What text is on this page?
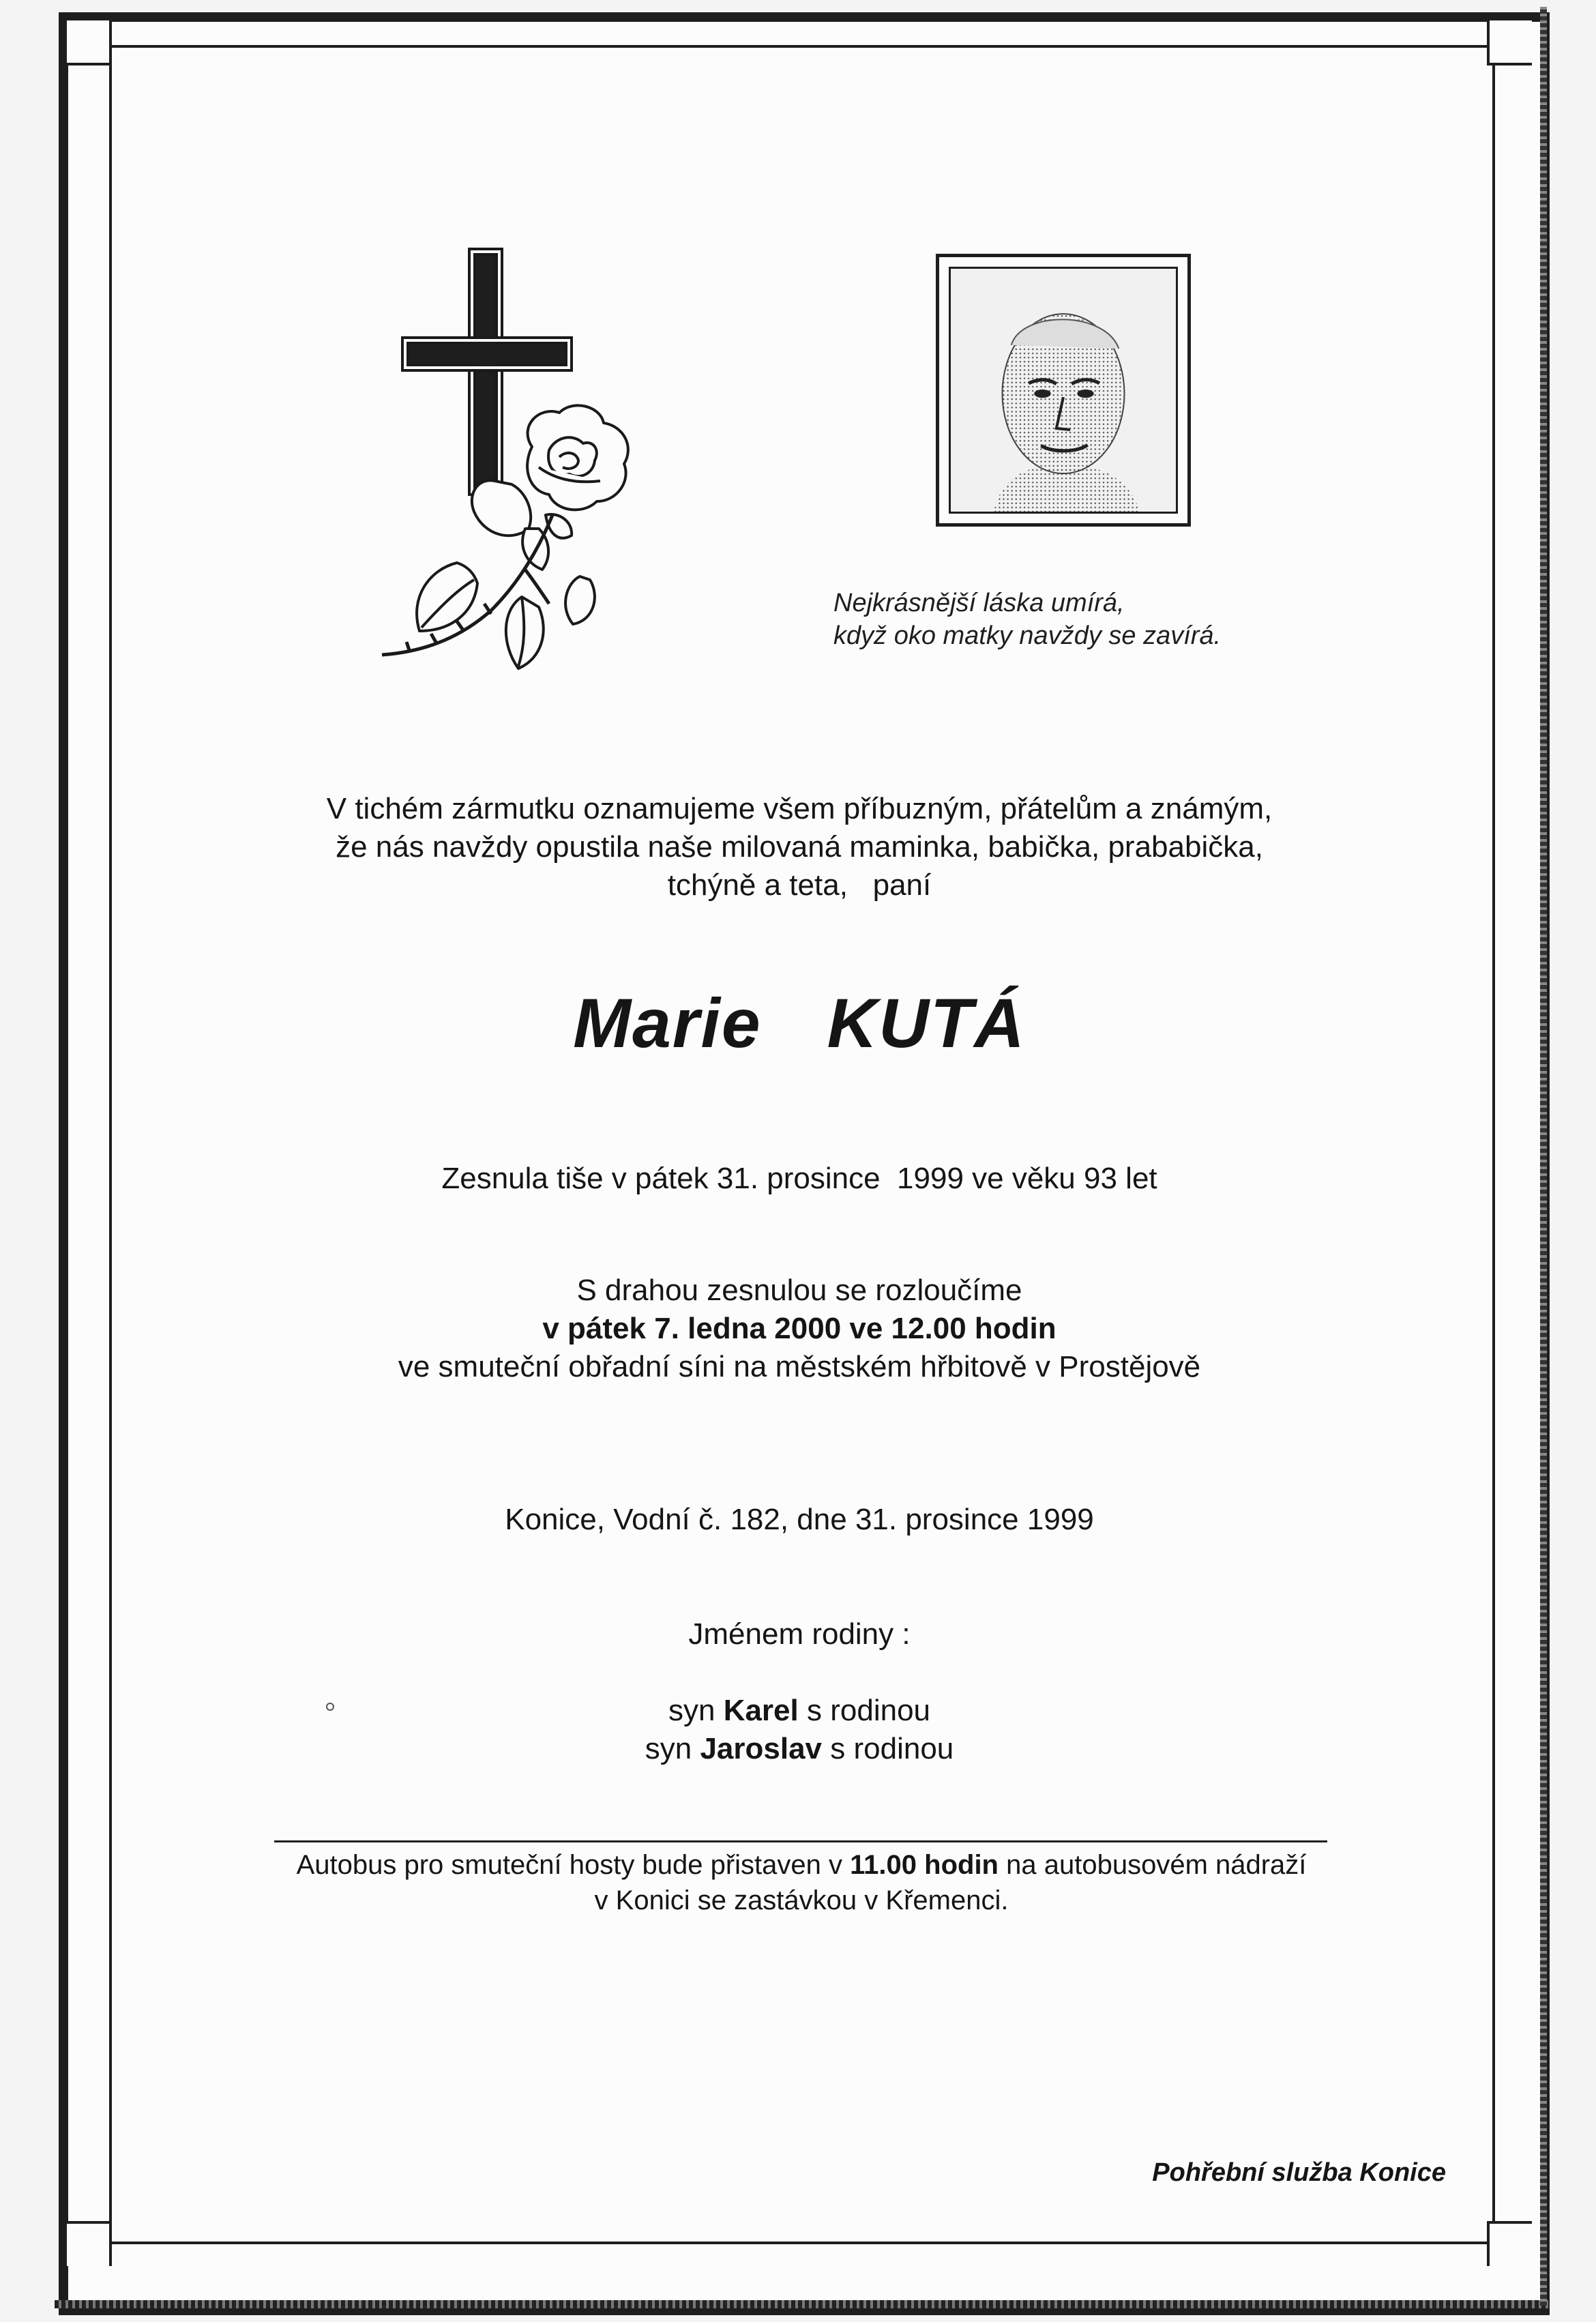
Nejkrásnější láska umírá,
když oko matky navždy se zavírá.
V tichém zármutku oznamujeme všem příbuzným, přátelům a známým,
že nás navždy opustila naše milovaná maminka, babička, prababička,
tchýně a teta,   paní
Marie KUTÁ
Zesnula tiše v pátek 31. prosince  1999 ve věku 93 let
S drahou zesnulou se rozloučíme
v pátek 7. ledna 2000 ve 12.00 hodin
ve smuteční obřadní síni na městském hřbitově v Prostějově
Konice, Vodní č. 182, dne 31. prosince 1999
Jménem rodiny :
syn Karel s rodinou
syn Jaroslav s rodinou
Autobus pro smuteční hosty bude přistaven v 11.00 hodin na autobusovém nádraží
v Konici se zastávkou v Křemenci.
Pohřební služba Konice
